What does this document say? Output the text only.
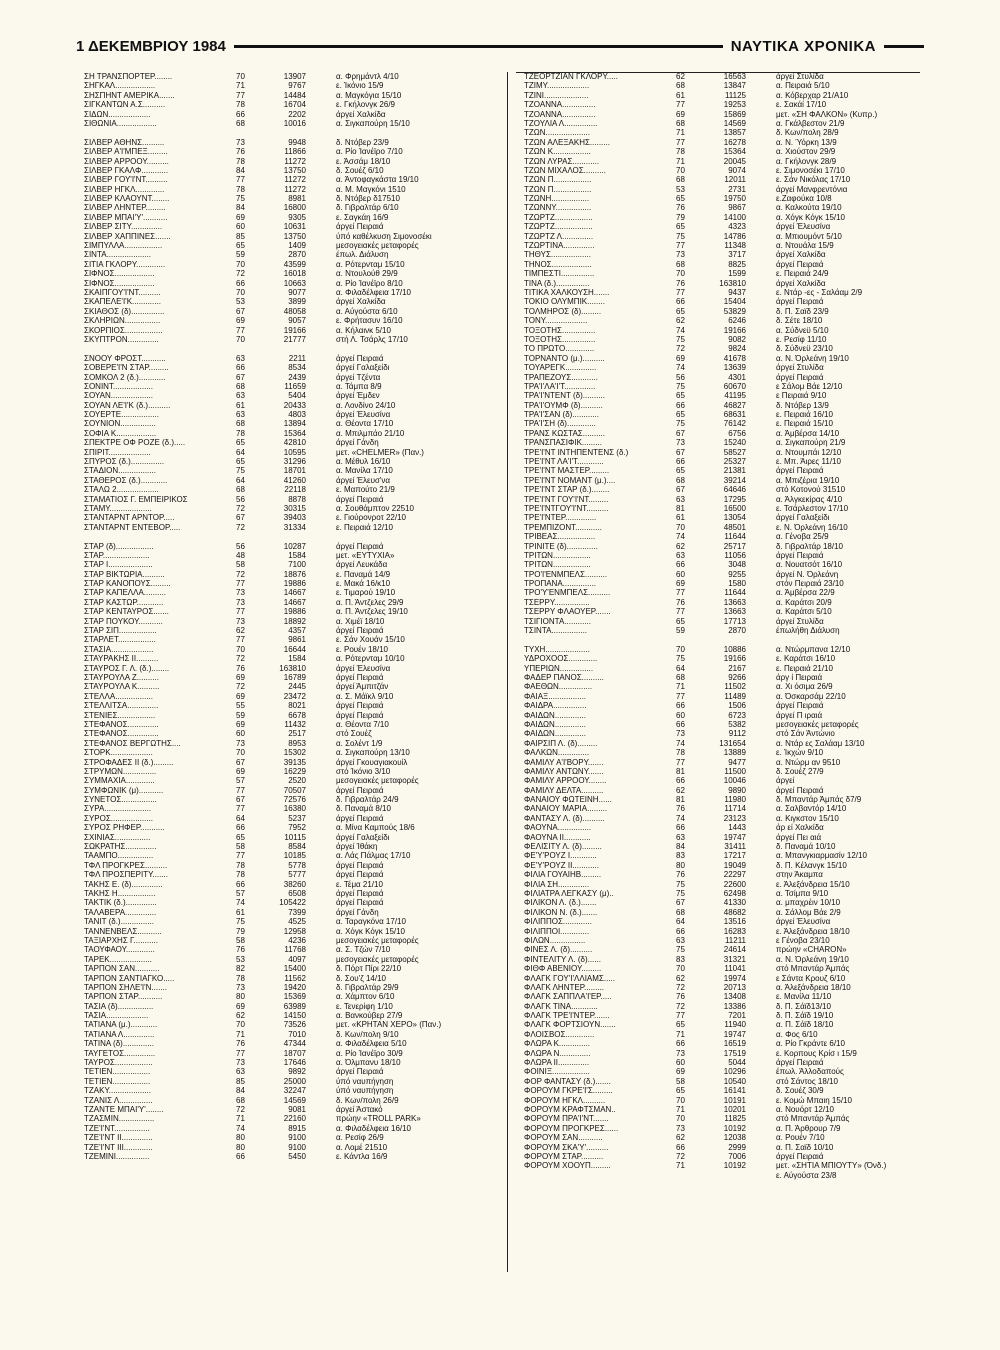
1 ΔΕΚΕΜΒΡΙΟΥ 1984	ΝΑΥΤΙΚΑ ΧΡΟΝΙΚΑ
ΣΗ ΤΡΑΝΣΠΟΡΤΕΡ........	70	13907	α. Φρημάντλ 4/10
ΣΗΓΚΑΛ..................	71	9767	ε. Ίκόνιο 15/9
ΣΗΣΠΗΝΤ ΑΜΕΡΙΚΑ.......	77	14484	α. Μαγκόγια 15/10
ΣΙΓΚΑΝΤΩΝ Α.Σ..........	78	16704	ε. Γκήλονγκ 26/9
ΣΙΔΩΝ...................	66	2202	άργεί Χαλκίδα
ΣΙΘΩΝΙΑ..................	68	10016	α. Σιγκαπούρη 15/10
ΣΙΛΒΕΡ ΑΘΗΝΣ..........	73	9948	δ. Ντόβερ 23/9
ΣΙΛΒΕΡ Α'Ι'ΜΠΕΞ.........	76	11866	α. Ρίο Ίανέϊρο 7/10
ΣΙΛΒΕΡ ΑΡΡΟΟΥ..........	78	11272	ε. Άσσάμ 18/10
ΣΙΛΒΕΡ ΓΚΑΛΦ............	84	13750	δ. Σουέζ 6/10
ΣΙΛΒΕΡ ΓΟΥ'Ι'ΝΤ..........	77	11272	α. Άντοφαγκάστα 19/10
ΣΙΛΒΕΡ ΗΓΚΛ.............	78	11272	α. Μ. Μαγκόνι 1510
ΣΙΛΒΕΡ ΚΛΑΟΥΝΤ........	75	8981	δ. Ντόβερ δ17510
ΣΙΛΒΕΡ ΛΗΝΤΕΡ.........	84	16800	δ. Γιβραλτάρ 6/10
ΣΙΛΒΕΡ ΜΠΑΙ'Υ'...........	69	9305	ε. Σαγκάη 16/9
ΣΙΛΒΕΡ ΣΙΤΥ..............	60	10631	άργεί Πειραιά
ΣΙΛΒΕΡ ΧΑΠΠΙΝΕΣ.......	85	13750	ύπό καθέλκυση Σιμονοσέκι
ΣΙΜΠΥΛΛΑ.................	65	1409	μεσογειακές μεταφορές
ΣΙΝΤΑ....................	59	2870	έπωλ. Διάλυση
ΣΙΤΙΑ ΓΚΛΟΡΥ.............	70	43599	α. Ρότερνταμ 15/10
ΣΙΦΝΟΣ..................	72	16018	α. Ντουλούθ 29/9
ΣΙΦΝΟΣ..................	66	10663	α. Ρίο Ίανέϊρο 8/10
ΣΚΑΙΠΓΟΥ'Ι'ΝΤ..........	70	9077	α. Φιλαδέλφεια 17/10
ΣΚΑΠΕΛΕ'Ι'Κ.............	53	3899	άργεί Χαλκίδα
ΣΚΙΑΘΟΣ (δ)...............	67	48058	α. Αύγούστα 6/10
ΣΚΛΗΡΙΩΝ................	69	9057	ε. Φρήτασυν 16/10
ΣΚΟΡΠΙΟΣ.................	77	19166	α. Κήλαινκ 5/10
ΣΚΥΠΤΡΟΝ..............	70	21777	στή Λ. Τσάρλς 17/10
ΣΝΟΟΥ ΦΡΟΣΤ...........	63	2211	άργεί Πειραιά
ΣΟΒΕΡΕ'Ι'Ν ΣΤΑΡ.........	66	8534	άργεί Γαλαξείδι
ΣΟΜΚΟΛ 2 (δ.)............	67	2439	άργεί Τζέντα
ΣΟΝΙΝΤ..................	68	11659	α. Τάμπα 8/9
ΣΟΥΑΝ...................	63	5404	άργεί Έμδεν
ΣΟΥΑΝ ΛΕ'Ι'Κ (δ.)..........	61	20433	α. Λονδίνο 24/10
ΣΟΥΕΡΤΕ.................	63	4803	άργεί Έλευσίνα
ΣΟΥΝΙΟΝ................	68	13894	α. Θέοντα 17/10
ΣΟΦΙΑ Κ..................	78	15364	α. Μπιλμπάο 21/10
ΣΠΕΚΤΡΕ ΟΦ ΡΟΖΕ (δ.).....	65	42810	άργεί Γάνδη
ΣΠΙΡΙΤ...................	64	10595	μετ. «CHELMER» (Παν.)
ΣΠΥΡΟΣ (δ.)...............	65	31296	α. Μέθυλ 16/10
ΣΤΑΔΙΟΝ.................	75	18701	α. Μανίλα 17/10
ΣΤΑΘΕΡΟΣ (δ.)............	64	41260	άργεί Έλευσ'να
ΣΤΑΛΩ 2...................	68	22118	ε. Μαπούτο 21/9
ΣΤΑΜΑΤΙΟΣ Γ. ΕΜΠΕΙΡΙΚΟΣ	56	8878	άργεί Πειραιά
ΣΤΑΜΥ...................	72	30315	α. Σουθάμπτον 22510
ΣΤΑΝΤΑΡΝΤ ΑΡΝΤΟΡ.....	67	39403	ε. Γιούρονροτ 22/10
ΣΤΑΝΤΑΡΝΤ ΕΝΤΕΒΟΡ.....	72	31334	ε. Πειραιά 12/10
ΣΤΑΡ (δ).................	56	10287	άργεί Πειραιά
ΣΤΑΡ.....................	48	1584	μετ. «ΕΥΤΥΧΙΑ»
ΣΤΑΡ Ι....................	58	7100	άργεί Λευκάδα
ΣΤΑΡ ΒΙΚΤΩΡΙΑ..........	72	18876	ε. Παναμά 14/9
ΣΤΑΡ ΚΑΝΟΠΟΥΣ.........	77	19886	ε. Μακά 16/κ10
ΣΤΑΡ ΚΑΠΕΛΛΑ..........	73	14667	ε. Τιμαρού 19/10
ΣΤΑΡ ΚΑΣΤΩΡ............	73	14667	α. Π. Άντζελες 29/9
ΣΤΑΡ ΚΕΝΤΑΥΡΟΣ.......	77	19886	α. Π. Άντζελες 19/10
ΣΤΑΡ ΠΟΥΚΟΥ...........	73	18892	α. Χιμέϊ 18/10
ΣΤΑΡ ΣΙΠ.................	62	4357	άργεί Πειραιά
ΣΤΑΡΛΕΤ.................	77	9861	ε. Σάν Χουάν 15/10
ΣΤΑΣΙΑ...................	70	16644	ε. Ρουέν 18/10
ΣΤΑΥΡΑΚΗΣ ΙΙ..........	72	1584	α. Ρότερνταμ 10/10
ΣΤΑΥΡΟΣ Γ. Λ. (δ.)........	76	163810	άργεί Έλευσίνα
ΣΤΑΥΡΟΥΛΑ Ζ..........	69	16789	άργεί Πειραιά
ΣΤΑΥΡΟΥΛΑ Κ..........	72	2445	άργεί Άμπιτζάν
ΣΤΕΛΛΑ.................	69	23472	α. Σ. Μάϊκλ 9/10
ΣΤΕΛΛΙΤΣΑ..............	55	8021	άργεί Πειραιά
ΣΤΕΝΙΕΣ.................	59	6678	άργεί Πειραιά
ΣΤΕΦΑΝΟΣ..............	69	11432	α. Θέοντα 7/10
ΣΤΕΦΑΝΟΣ..............	60	2517	στό Σουέζ
ΣΤΕΦΑΝΟΣ ΒΕΡΓΩΤΗΣ....	73	8953	α. Σολέντ 1/9
ΣΤΟΡΚ...................	70	15302	α. Σιγκαπούρη 13/10
ΣΤΡΟΦΑΔΕΣ ΙΙ (δ.).........	67	39135	άργεί Γκουαγιακουίλ
ΣΤΡΥΜΩΝ...............	69	16229	στό Ίκόνιο 3/10
ΣΥΜΜΑΧΙΑ.............	57	2520	μεσογειακές μεταφορές
ΣΥΜΦΩΝΙΚ (μ)...........	77	70507	άργεί Πειραιά
ΣΥΝΕΤΟΣ................	67	72576	δ. Γιβραλτάρ 24/9
ΣΥΡΑ.....................	77	16380	δ. Παναμά 8/10
ΣΥΡΟΣ...................	64	5237	άργεί Πειραιά
ΣΥΡΟΣ ΡΗΦΕΡ...........	66	7952	α. Μίνα Καμπούς 18/6
ΣΧΙΝΙΑΣ................	65	10115	άργεί Γαλαξείδι
ΣΩΚΡΑΤΗΣ..............	58	8584	άργεί Ίθάκη
ΤΑΑΜΠΟ................	77	10185	α. Λάς Πάλμας 17/10
ΤΦΛ ΠΡΟΓΚΡΕΣ..........	78	5778	άργεί Πειραιά
ΤΦΛ ΠΡΟΣΠΕΡΙΤΥ.......	78	5777	άργεί Πειραιά
ΤΑΚΗΣ Ε. (δ)..............	66	38260	ε. Τέμα 21/10
ΤΑΚΗΣ Η.................	57	6508	άργεί Πειραιά
ΤΑΚΤΙΚ (δ.)..............	74	105422	άργεί Πειραιά
ΤΑΛΑΒΕΡΑ..............	61	7399	άργεί Γάνδη
ΤΑΝΙΤ (δ.)...............	75	4525	α. Ταραγκόνα 17/10
ΤΑΝΝΕΝΒΕΛΣ...........	79	12958	α. Χόγκ Κόγκ 15/10
ΤΑΞΙΑΡΧΗΣ Γ...........	58	4236	μεσογειακές μεταφορές
ΤΑΟΥΦΑΟΥ.............	76	11768	α. Σ. Τζών 7/10
ΤΑΡΕΚ...................	53	4097	μεσογειακές μεταφορές
ΤΑΡΠΟΝ ΣΑΝ...........	82	15400	δ. Πόρτ Πίρι 22/10
ΤΑΡΠΟΝ ΣΑΝΤΙΑΓΚΟ.....	78	11562	δ. Σου'ζ 14/10
ΤΑΡΠΟΝ ΣΗΛΕ'Ι'Ν.......	73	19420	δ. Γιβραλτάρ 29/9
ΤΑΡΠΟΝ ΣΤΑΡ...........	80	15369	α. Χάμπτον 6/10
ΤΑΣΙΑ (δ)................	69	63989	ε. Τενερίφη 1/10
ΤΑΣΙΑ...................	62	14150	α. Βανκούβερ 27/9
ΤΑΤΙΑΝΑ (μ.)............	70	73526	μετ. «ΚΡΗΤΑΝ ΧΕΡΟ» (Παν.)
ΤΑΤΙΑΝΑ Λ..............	71	7010	δ. Κων/πολη 9/10
ΤΑΤΙΝΑ (δ)..............	76	47344	α. Φιλαδέλφεια 5/10
ΤΑΥΓΕΤΟΣ..............	77	18707	α. Ρίο Ίανέϊρο 30/9
ΤΑΥΡΟΣ.................	73	17646	α. Όλμπανυ 18/10
ΤΕΤΙΕΝ.................	63	9892	άργεί Πειραιά
ΤΕΤΙΕΝ.................	85	25000	ύπό ναυπήγηση
ΤΖΑΚΥ...................	84	32247	ύπό ναυπήγηση
ΤΖΑΝΙΣ Λ...............	68	14569	δ. Κων/πολη 26/9
ΤΖΑΝΤΕ ΜΠΑΙ'Υ'........	72	9081	άργεί Άστακό
ΤΖΑΣΜΙΝ................	71	22160	πρώην «TROLL PARK»
ΤΖΕ'Ι'ΝΤ................	74	8915	α. Φιλαδέλφεια 16/10
ΤΖΕ'Ι'ΝΤ ΙΙ..............	80	9100	α. Ρεσίφ 26/9
ΤΖΕ'Ι'ΝΤ ΙΙΙ.............	80	9100	α. Λομέ 21510
ΤΖΕΜΙΝΙ...............	66	5450	ε. Κάντλα 16/9
ΤΖΕΟΡΤΖΙΑΝ ΓΚΛΟΡΥ.....	62	16563	άργεί Στυλίδα
ΤΖΙΜΥ...................	68	13847	α. Πειραιά 5/10
ΤΖΙΝΙ....................	61	11125	α. Κόβερχαρ 21/Α10
ΤΖΟΑΝΝΑ...............	77	19253	ε. Σακάί 17/10
ΤΖΟΑΝΝΑ...............	69	15869	μετ. «ΣΗ ΦΑΛΚΟΝ» (Κυπρ.)
ΤΖΟΥΛΙΑ Λ...............	68	14569	α. Γκάλβεστον 21/9
ΤΖΩΝ....................	71	13857	δ. Κων/πολη 28/9
ΤΖΩΝ ΑΛΕΞΑΚΗΣ.........	77	16278	α. Ν. Ύόρκη 13/9
ΤΖΩΝ Κ.................	78	15364	α. Χιούστον 29/9
ΤΖΩΝ ΛΥΡΑΣ............	71	20045	α. Γκήλονγκ 28/9
ΤΖΩΝ ΜΙΧΑΛΟΣ..........	70	9074	ε. Σιμονοσέκι 17/10
ΤΖΩΝ Π.................	68	12011	ε. Σάν Νικόλας 17/10
ΤΖΩΝ Π.................	53	2731	άργεί Μανφρεντόνια
ΤΖΩΝΗ.................	65	19750	ε.Ζαφούκα 10/8
ΤΖΩΝΝΥ................	76	9867	α. Καλκούτα 19/10
ΤΖΩΡΤΖ.................	79	14100	α. Χόγκ Κόγκ 15/10
ΤΖΩΡΤΖ.................	65	4323	άργεί Έλευσίνα
ΤΖΩΡΤΖ Λ..............	75	14786	α. Μπιουμόντ 5/10
ΤΖΩΡΤΙΝΑ..............	77	11348	α. Ντουάλα 15/9
ΤΗΘΥΣ..................	73	3717	άργεί Χαλκίδα
ΤΗΝΟΣ..................	68	8825	άργεί Πειραιά
ΤΙΜΠΕΣΤΙ...............	70	1599	ε. Πειραιά 24/9
ΤΙΝΑ (δ.)...............	76	163810	άργεί Χαλκίδα
ΤΙΤΙΚΑ ΧΑΛΚΟΥΣΗ.......	77	9437	ε. Ντάρ -ες - Σαλάαμ 2/9
ΤΟΚΙΟ ΟΛΥΜΠΙΚ........	66	15404	άργεί Πειραιά
ΤΟΛΜΗΡΟΣ (δ).........	65	53829	δ. Π. Σαϊδ 23/9
ΤΟΝΥ...................	62	6246	δ. Σέτε 18/10
ΤΟΞΟΤΗΣ...............	74	19166	α. Σύδνεϋ 5/10
ΤΟΞΟΤΗΣ...............	75	9082	ε. Ρεσίφ 11/10
ΤΟ ΠΡΩΤΟ.............	72	9824	δ. Σύδνεϋ 23/10
ΤΟΡΝΑΝΤΟ (μ.)..........	69	41678	α. Ν. Όρλεάνη 19/10
ΤΟΥΑΡΕΓΚ..............	74	13639	άργεί Στυλίδα
ΤΡΑΠΕΖΟΥΣ............	56	4301	άργεί Πειραιά
ΤΡΑ'Ι'ΛΑ'Ι'Τ..............	75	60670	ε Σάλομ Βάε 12/10
ΤΡΑ'Ι'ΝΤΕΝΤ (δ)..........	65	41195	ε Πειραιά 9/10
ΤΡΑ'Ι'ΟΥΜΦ (δ)..........	66	46827	δ. Ντόβερ 13/9
ΤΡΑ'Ι'ΣΑΝ (δ)............	65	68631	ε. Πειραιά 16/10
ΤΡΑ'Ι'ΣΗ (δ).............	75	76142	ε. Πειραιά 15/10
ΤΡΑΝΣ ΚΩΣΤΑΣ..........	67	6756	α. Άμβέρσα 14/10
ΤΡΑΝΣΠΑΣΙΦΙΚ.........	73	15240	α. Σιγκαπούρη 21/9
ΤΡΕ'Ι'ΝΤ ΙΝΤΗΠΕΝΤΕΝΣ (δ.)	67	58527	α. Ντουμπάι 12/10
ΤΡΕ'Ι'ΝΤ ΛΑ'Ι'Τ............	66	25327	ε. Μπ. Άιρες 11/10
ΤΡΕ'Ι'ΝΤ ΜΑΣΤΕΡ.........	65	21381	άργεί Πειραιά
ΤΡΕ'Ι'ΝΤ ΝΟΜΑΝΤ (μ.)....	68	39214	α. Μπιζέρια 19/10
ΤΡΕ'Ι'ΝΤ ΣΤΑΡ (δ.)........	67	64646	στό Κοτονού 31510
ΤΡΕ'Ι'ΝΤ ΓΟΥ'Ι'ΝΤ.........	63	17295	α. Άλγκεκίρας 4/10
ΤΡΕ'Ι'ΝΤΓΟΥ'Ι'ΝΤ..........	81	16500	ε. Τσάρλεστον 17/10
ΤΡΕ'Ι'ΝΤΕΡ..............	61	13054	άργεί Γαλαξείδι
ΤΡΕΜΠΙΖΟΝΤ............	70	48501	ε. Ν. Όρλεάνη 16/10
ΤΡΙΒΕΑΣ.................	74	11644	α. Γένοβα 25/9
ΤΡΙΝΙΤΕ (δ)..............	62	25717	δ. Γιβραλτάρ 18/10
ΤΡΙΤΩΝ.................	63	11056	άργεί Πειραιά
ΤΡΙΤΩΝ.................	66	3048	α. Νουατσότ 16/10
ΤΡΟ'Ι'ΕΝΜΠΕΛΣ..........	60	9255	άργεί Ν. Όρλεάνη
ΤΡΟΠΑΝΑ...............	69	1580	στόν Πειραιά 23/10
ΤΡΟ'Υ'ΕΝΜΠΕΛΣ..........	77	11644	α. Άμβέρσα 22/9
ΤΣΕΡΡΥ................	76	13663	α. Καράτσι 20/9
ΤΣΕΡΡΥ ΦΛΑΟΥΕΡ.......	77	13663	α. Καράτσι 5/10
ΤΣΙΓΙΟΝΤΑ............	65	17713	άργεί Στυλίδα
ΤΣΙΝΤΑ................	59	2870	έπωλήθη Διάλυση
ΤΥΧΗ....................	70	10886	α. Ντώρμπανα 12/10
ΥΔΡΟΧΟΟΣ.............	75	19166	ε. Καράτσι 16/10
ΥΠΕΡΙΩΝ...............	64	2167	ε. Πειραιά 21/10
ΦΑΔΕΡ ΠΑΝΟΣ..........	68	9266	άργ ί Πειραιά
ΦΑΕΘΩΝ...............	71	11502	α. Χι όσιμα 26/9
ΦΑΙΑΞ.................	77	11489	α. Όσκαρσάμ 22/10
ΦΑΙΔΡΑ...............	66	1506	άργεί Πειραιά
ΦΑΙΔΩΝ..............	60	6723	άργεί Π ιραιά
ΦΑΙΔΩΝ..............	66	5382	μεσογειακές μεταφορές
ΦΑΙΔΩΝ..............	73	9112	στό Σάν Άντώνιο
ΦΑΙΡΣΙΠ Λ. (δ).........	74	131654	α. Ντάρ ες Σαλάαμ 13/10
ΦΑΛΚΩΝ..............	78	13889	ε. Ίκχών 9/10
ΦΑΜΙΛΥ Α'Ι'ΒΟΡΥ.......	77	9477	α. Ντώρμ αν 9510
ΦΑΜΙΛΥ ΑΝΤΩΝΥ.......	81	11500	δ. Σουέζ 27/9
ΦΑΜΙΛΥ ΑΡΡΟΟΥ........	66	10046	άργεί
ΦΑΜΙΛΥ ΔΕΛΤΑ..........	62	9890	άργεί Πειραιά
ΦΑΝΑΙΟΥ ΦΩΤΕΙΝΗ......	81	11980	δ. Μπαντάρ Άμπάς δ7/9
ΦΑΝΑΙΟΥ ΜΑΡΙΑ.........	76	11714	α. Σαλβαντόρ 14/10
ΦΑΝΤΑΣΥ Λ. (δ)..........	74	23123	α. Κιγκστον 15/10
ΦΑΟΥΝΑ...............	66	1443	άρ εί Χαλκίδα
ΦΑΟΥΝΑ ΙΙ............	63	19747	άργεί Πει αιά
ΦΕΛΙΣΙΤΥ Λ. (δ).........	84	31411	δ. Παναμά 10/10
ΦΕ'Υ'ΡΟΥΖ Ι............	83	17217	α. Μπανγκιαρμασίν 12/10
ΦΕ'Υ'ΡΟΥΖ ΙΙ............	80	19049	δ. Π. Κέλανγκ 15/10
ΦΙΛΙΑ ΓΟΥΑΙΗΒ.........	76	22297	στην Άκαμπα
ΦΙΛΙΑ ΣΗ..............	75	22600	ε. Άλεξάνδρεια 15/10
ΦΙΛΙΑΤΡΑ ΛΕΓΚΑΣΥ (μ)..	75	62498	α. Τσίμπα 9/10
ΦΙΛΙΚΟΝ Λ. (δ.).......	67	41330	α. μπαχρέιν 10/10
ΦΙΛΙΚΟΝ Ν. (δ.).......	68	48682	α. Σάλλομ Βάε 2/9
ΦΙΛΙΠΠΟΣ.............	64	13516	άργεί Έλευσίνα
ΦΙΛΙΠΠΟΙ.............	66	16283	ε. Άλεξάνδρεια 18/10
ΦΙΛΩΝ................	63	11211	ε Γένοβα 23/10
ΦΙΝΕΣ Λ. (δ)..........	75	24614	πρώην «CHARON»
ΦΙΝΤΕΛΙΤΥ Λ. (δ)......	83	31321	α. Ν. Όρλεάνη 19/10
ΦΙΘΦ ΑΒΕΝΙΟΥ.........	70	11041	στό Μπαντάρ Άμπάς
ΦΛΑΓΚ ΓΟΥ'Ι'ΛΛΙΑΜΣ.....	62	19974	ε Σάντα Κρουζ 6/10
ΦΛΑΓΚ ΛΗΝΤΕΡ.........	72	20713	α. Άλεξάνδρεια 18/10
ΦΛΑΓΚ ΣΑΠΠΛΑ'Ι'ΕΡ.....	76	13408	ε. Μανίλα 11/10
ΦΛΑΓΚ ΤΙΝΑ............	72	13386	δ. Π. Σάϊδ13/10
ΦΛΑΓΚ ΤΡΕ'Ι'ΝΤΕΡ.......	77	7201	δ. Π. Σάϊδ 19/10
ΦΛΑΓΚ ΦΟΡΤΣΙΟΥΝ.......	65	11940	α. Π. Σάϊδ 18/10
ΦΛΟΙΣΒΟΣ.............	71	19747	α. Φος 6/10
ΦΛΩΡΑ Κ..............	66	16519	α. Ρίο Γκράντε 6/10
ΦΛΩΡΑ Ν..............	73	17519	ε. Κορπους Κρίσ ι 15/9
ΦΛΩΡΑ ΙΙ..............	60	5044	άργεί Πειραιά
ΦΟΙΝΙΞ.................	69	10296	έπωλ. Άλλοδαπούς
ΦΟΡ ΦΑΝΤΑΣΥ (δ.).......	58	10540	στό Σάντος 18/10
ΦΟΡΟΥΜ ΓΚΡΕ'Ι'Σ.........	65	16141	δ. Σουέζ 30/9
ΦΟΡΟΥΜ ΗΓΚΛ..........	70	10191	ε. Κομώ Μπαιη 15/10
ΦΟΡΟΥΜ ΚΡΑΦΤΣΜΑΝ..	71	10201	α. Νουόρτ 12/10
ΦΟΡΟΥΜ ΠΡΑ'Ι'ΝΤ.......	70	11825	στό Μπαντάρ Άμπάς
ΦΟΡΟΥΜ ΠΡΟΓΚΡΕΣ......	73	10192	α. Π. Άρθρουρ 7/9
ΦΟΡΟΥΜ ΣΑΝ...........	62	12038	α. Ρουέν 7/10
ΦΟΡΟΥΜ ΣΚΑ'Υ'..........	66	2999	α. Π. Σαϊδ 10/10
ΦΟΡΟΥΜ ΣΤΑΡ..........	72	7006	άργεί Πειραιά
ΦΟΡΟΥΜ ΧΟΟΥΠ.........	71	10192	μετ. «ΣΗΤΙΑ ΜΠΙΟΥΤΥ» (Όνδ.)
ε. Αύγούστα 23/8
